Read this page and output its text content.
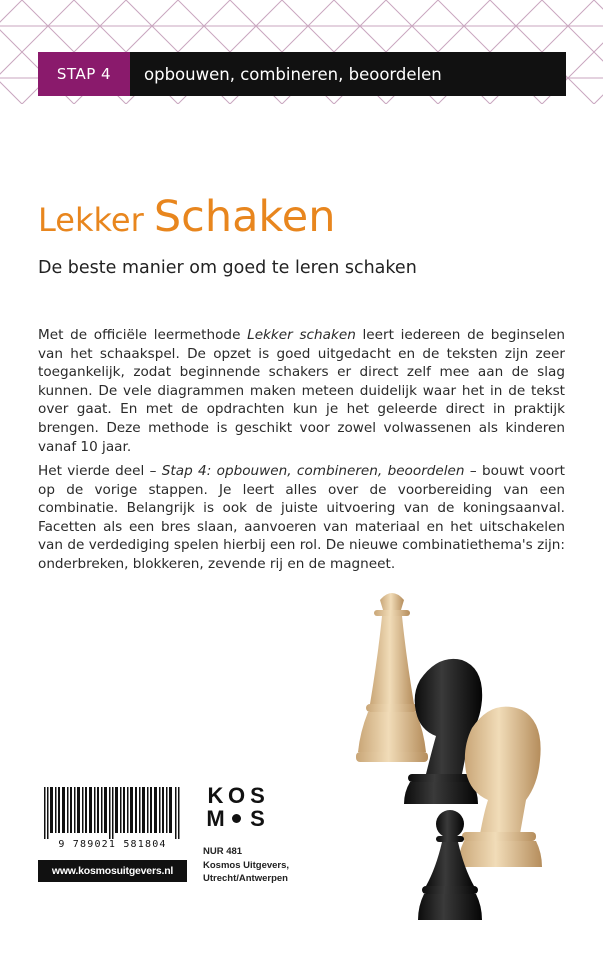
STAP 4	opbouwen, combineren, beoordelen
Lekker Schaken
De beste manier om goed te leren schaken

Met de officiële leermethode Lekker schaken leert iedereen de beginselen van het schaakspel. De opzet is goed uitgedacht en de teksten zijn zeer toegankelijk, zodat beginnende schakers er direct zelf mee aan de slag kunnen. De vele diagrammen maken meteen duidelijk waar het in de tekst over gaat. En met de opdrachten kun je het geleerde direct in praktijk brengen. Deze methode is geschikt voor zowel volwassenen als kinderen vanaf 10 jaar.

Het vierde deel – Stap 4: opbouwen, combineren, beoordelen – bouwt voort op de vorige stappen. Je leert alles over de voorbereiding van een combinatie. Belangrijk is ook de juiste uitvoering van de koningsaanval. Facetten als een bres slaan, aanvoeren van materiaal en het uitschakelen van de verdediging spelen hierbij een rol. De nieuwe combinatiethema's zijn: onderbreken, blokkeren, zevende rij en de magneet.

9 789021 581804
www.kosmosuitgevers.nl
K O S
M S
NUR 481
Kosmos Uitgevers,
Utrecht/Antwerpen
